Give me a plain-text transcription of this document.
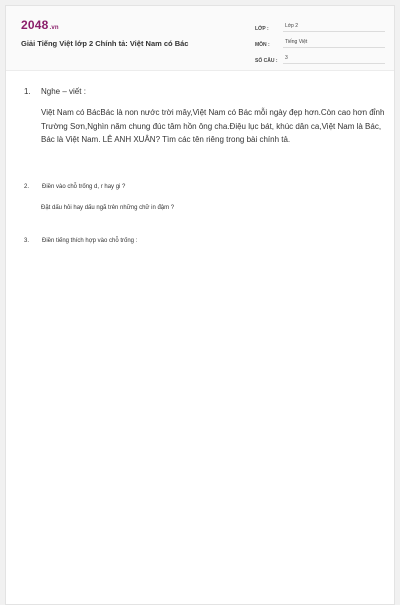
2048.vn
Giải Tiếng Việt lớp 2 Chính tả: Việt Nam có Bác
LỚP :	Lớp 2
MÔN :	Tiếng Việt
SỐ CÂU :	3
1. Nghe – viết :
Việt Nam có BácBác là non nước trời mây,Việt Nam có Bác mỗi ngày đẹp hơn.Còn cao hơn đỉnh Trường Sơn,Nghìn năm chung đúc tâm hồn ông cha.Điệu lục bát, khúc dân ca,Việt Nam là Bác, Bác là Việt Nam. LÊ ANH XUÂN? Tìm các tên riêng trong bài chính tả.
2. Điền vào chỗ trống d, r hay gi ?
Đặt dấu hỏi hay dấu ngã trên những chữ in đậm ?
3. Điền tiếng thích hợp vào chỗ trống :
